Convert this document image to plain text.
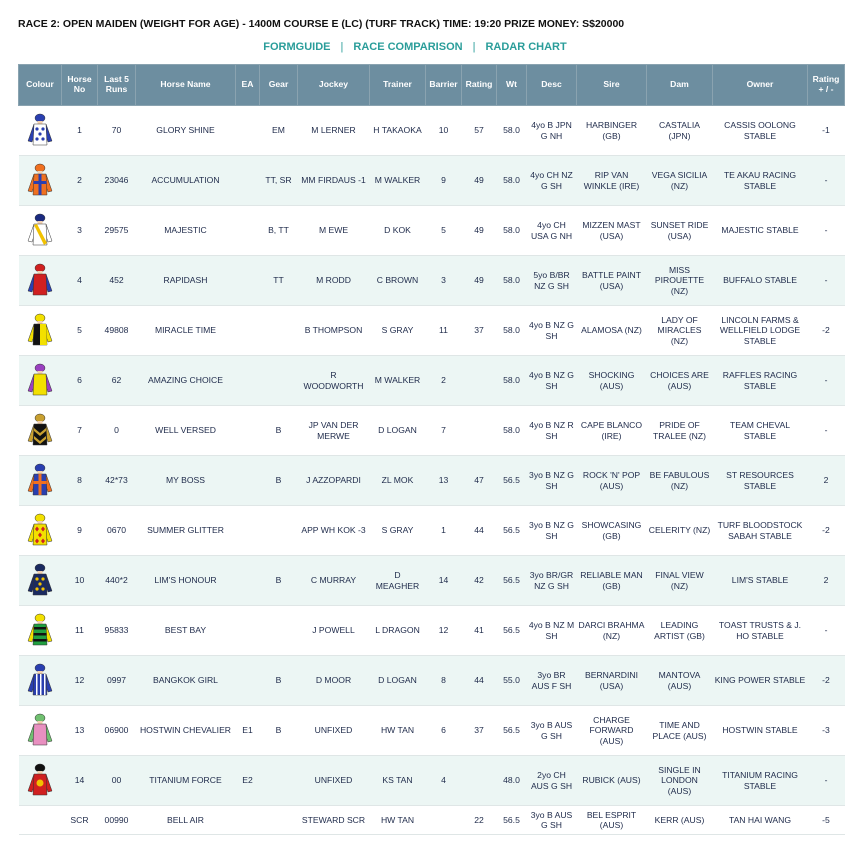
RACE 2: OPEN MAIDEN (WEIGHT FOR AGE) - 1400M COURSE E (LC) (TURF TRACK) TIME: 19:20 PRIZE MONEY: S$20000
FORMGUIDE | RACE COMPARISON | RADAR CHART
Colour	Horse No	Last 5 Runs	Horse Name	EA	Gear	Jockey	Trainer	Barrier	Rating	Wt	Desc	Sire	Dam	Owner	Rating + / -

	1	70	GLORY SHINE		EM	M LERNER	H TAKAOKA	10	57	58.0	4yo B JPN G NH	HARBINGER (GB)	CASTALIA (JPN)	CASSIS OOLONG STABLE	-1

	2	23046	ACCUMULATION		TT, SR	MM FIRDAUS -1	M WALKER	9	49	58.0	4yo CH NZ G SH	RIP VAN WINKLE (IRE)	VEGA SICILIA (NZ)	TE AKAU RACING STABLE	-

	3	29575	MAJESTIC		B, TT	M EWE	D KOK	5	49	58.0	4yo CH USA G NH	MIZZEN MAST (USA)	SUNSET RIDE (USA)	MAJESTIC STABLE	-

	4	452	RAPIDASH		TT	M RODD	C BROWN	3	49	58.0	5yo B/BR NZ G SH	BATTLE PAINT (USA)	MISS PIROUETTE (NZ)	BUFFALO STABLE	-

	5	49808	MIRACLE TIME			B THOMPSON	S GRAY	11	37	58.0	4yo B NZ G SH	ALAMOSA (NZ)	LADY OF MIRACLES (NZ)	LINCOLN FARMS & WELLFIELD LODGE STABLE	-2

	6	62	AMAZING CHOICE			R WOODWORTH	M WALKER	2		58.0	4yo B NZ G SH	SHOCKING (AUS)	CHOICES ARE (AUS)	RAFFLES RACING STABLE	-

	7	0	WELL VERSED		B	JP VAN DER MERWE	D LOGAN	7		58.0	4yo B NZ R SH	CAPE BLANCO (IRE)	PRIDE OF TRALEE (NZ)	TEAM CHEVAL STABLE	-

	8	42*73	MY BOSS		B	J AZZOPARDI	ZL MOK	13	47	56.5	3yo B NZ G SH	ROCK 'N' POP (AUS)	BE FABULOUS (NZ)	ST RESOURCES STABLE	2

	9	0670	SUMMER GLITTER			APP WH KOK -3	S GRAY	1	44	56.5	3yo B NZ G SH	SHOWCASING (GB)	CELERITY (NZ)	TURF BLOODSTOCK SABAH STABLE	-2

	10	440*2	LIM'S HONOUR		B	C MURRAY	D MEAGHER	14	42	56.5	3yo BR/GR NZ G SH	RELIABLE MAN (GB)	FINAL VIEW (NZ)	LIM'S STABLE	2

	11	95833	BEST BAY			J POWELL	L DRAGON	12	41	56.5	4yo B NZ M SH	DARCI BRAHMA (NZ)	LEADING ARTIST (GB)	TOAST TRUSTS & J. HO STABLE	-

	12	0997	BANGKOK GIRL		B	D MOOR	D LOGAN	8	44	55.0	3yo BR AUS F SH	BERNARDINI (USA)	MANTOVA (AUS)	KING POWER STABLE	-2

	13	06900	HOSTWIN CHEVALIER	E1	B	UNFIXED	HW TAN	6	37	56.5	3yo B AUS G SH	CHARGE FORWARD (AUS)	TIME AND PLACE (AUS)	HOSTWIN STABLE	-3

	14	00	TITANIUM FORCE	E2		UNFIXED	KS TAN	4		48.0	2yo CH AUS G SH	RUBICK (AUS)	SINGLE IN LONDON (AUS)	TITANIUM RACING STABLE	-
	SCR	00990	BELL AIR			STEWARD SCR	HW TAN		22	56.5	3yo B AUS G SH	BEL ESPRIT (AUS)	KERR (AUS)	TAN HAI WANG	-5
